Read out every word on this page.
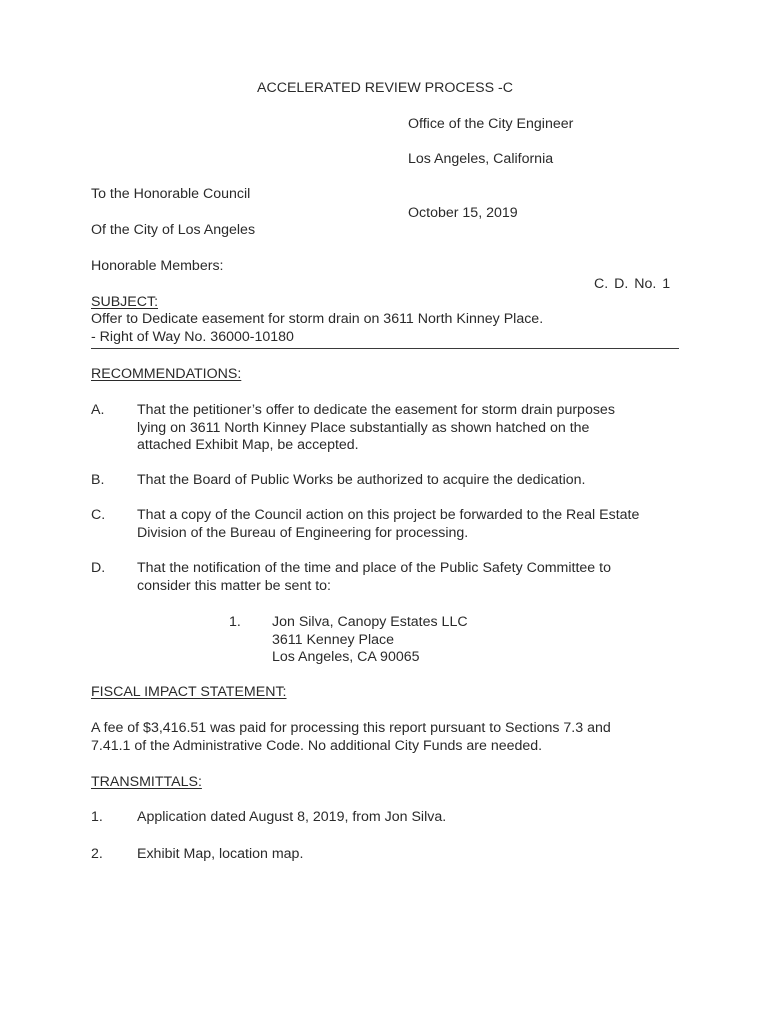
ACCELERATED REVIEW PROCESS -C
Office of the City Engineer
Los Angeles, California
To the Honorable Council
October 15, 2019
Of the City of Los Angeles
Honorable Members:
C. D. No. 1
SUBJECT:
Offer to Dedicate easement for storm drain on 3611 North Kinney Place.
- Right of Way No. 36000-10180
RECOMMENDATIONS:
A. That the petitioner’s offer to dedicate the easement for storm drain purposes
lying on 3611 North Kinney Place substantially as shown hatched on the
attached Exhibit Map, be accepted.
B. That the Board of Public Works be authorized to acquire the dedication.
C. That a copy of the Council action on this project be forwarded to the Real Estate
Division of the Bureau of Engineering for processing.
D. That the notification of the time and place of the Public Safety Committee to
consider this matter be sent to:
1. Jon Silva, Canopy Estates LLC
3611 Kenney Place
Los Angeles, CA 90065
FISCAL IMPACT STATEMENT:
A fee of $3,416.51 was paid for processing this report pursuant to Sections 7.3 and
7.41.1 of the Administrative Code. No additional City Funds are needed.
TRANSMITTALS:
1. Application dated August 8, 2019, from Jon Silva.
2. Exhibit Map, location map.
